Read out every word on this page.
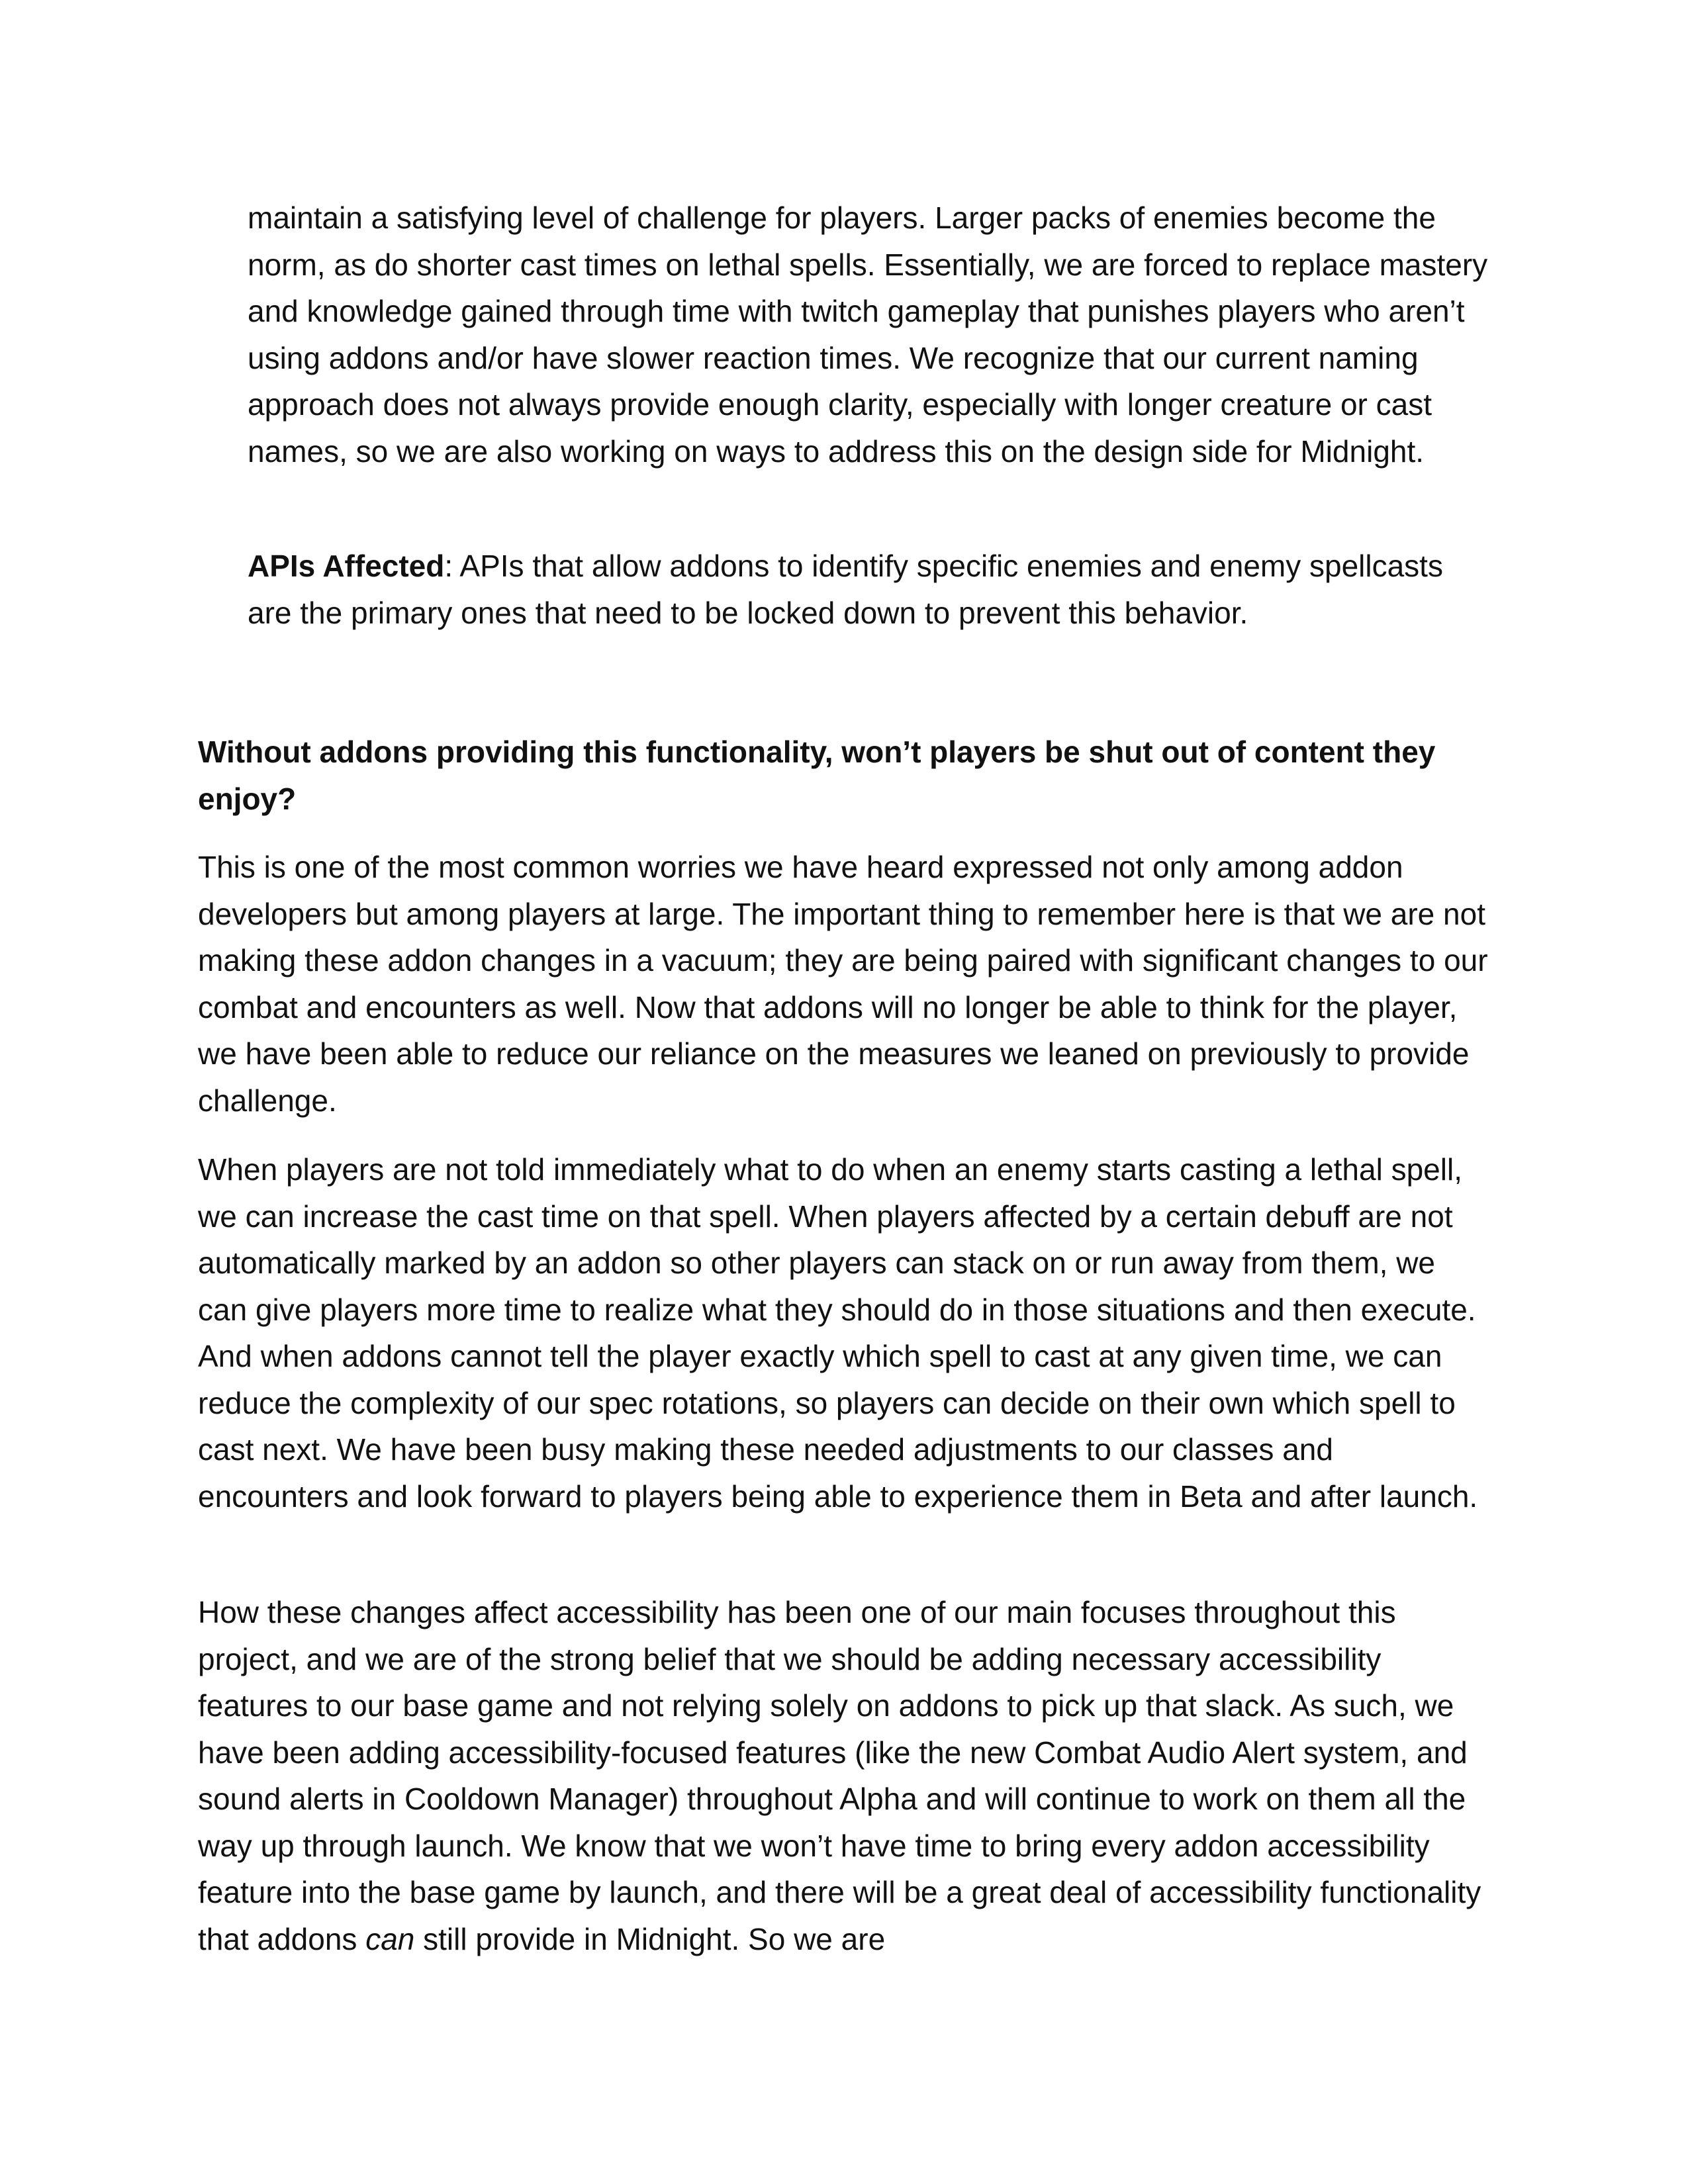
maintain a satisfying level of challenge for players. Larger packs of enemies become the norm, as do shorter cast times on lethal spells. Essentially, we are forced to replace mastery and knowledge gained through time with twitch gameplay that punishes players who aren’t using addons and/or have slower reaction times. We recognize that our current naming approach does not always provide enough clarity, especially with longer creature or cast names, so we are also working on ways to address this on the design side for Midnight.

APIs Affected: APIs that allow addons to identify specific enemies and enemy spellcasts are the primary ones that need to be locked down to prevent this behavior.

Without addons providing this functionality, won’t players be shut out of content they enjoy?

This is one of the most common worries we have heard expressed not only among addon developers but among players at large. The important thing to remember here is that we are not making these addon changes in a vacuum; they are being paired with significant changes to our combat and encounters as well. Now that addons will no longer be able to think for the player, we have been able to reduce our reliance on the measures we leaned on previously to provide challenge.

When players are not told immediately what to do when an enemy starts casting a lethal spell, we can increase the cast time on that spell. When players affected by a certain debuff are not automatically marked by an addon so other players can stack on or run away from them, we can give players more time to realize what they should do in those situations and then execute. And when addons cannot tell the player exactly which spell to cast at any given time, we can reduce the complexity of our spec rotations, so players can decide on their own which spell to cast next. We have been busy making these needed adjustments to our classes and encounters and look forward to players being able to experience them in Beta and after launch.

How these changes affect accessibility has been one of our main focuses throughout this project, and we are of the strong belief that we should be adding necessary accessibility features to our base game and not relying solely on addons to pick up that slack. As such, we have been adding accessibility-focused features (like the new Combat Audio Alert system, and sound alerts in Cooldown Manager) throughout Alpha and will continue to work on them all the way up through launch. We know that we won’t have time to bring every addon accessibility feature into the base game by launch, and there will be a great deal of accessibility functionality that addons can still provide in Midnight. So we are
